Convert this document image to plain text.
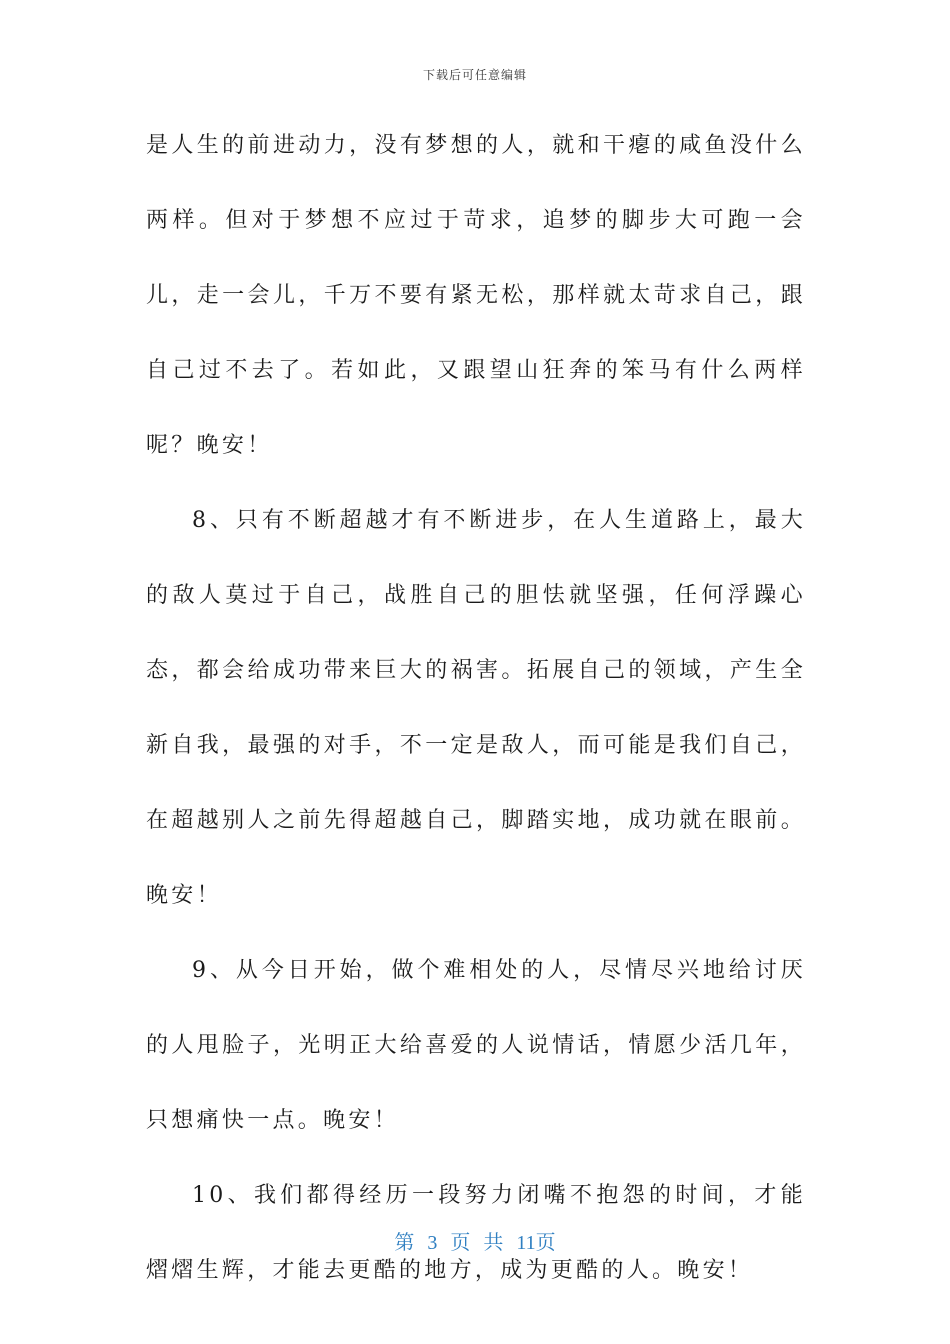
下载后可任意编辑

是人生的前进动力，没有梦想的人，就和干瘪的咸鱼没什么两样。但对于梦想不应过于苛求，追梦的脚步大可跑一会儿，走一会儿，千万不要有紧无松，那样就太苛求自己，跟自己过不去了。若如此，又跟望山狂奔的笨马有什么两样呢？晚安！

8、只有不断超越才有不断进步，在人生道路上，最大的敌人莫过于自己，战胜自己的胆怯就坚强，任何浮躁心态，都会给成功带来巨大的祸害。拓展自己的领域，产生全新自我，最强的对手，不一定是敌人，而可能是我们自己，在超越别人之前先得超越自己，脚踏实地，成功就在眼前。晚安！

9、从今日开始，做个难相处的人，尽情尽兴地给讨厌的人甩脸子，光明正大给喜爱的人说情话，情愿少活几年，只想痛快一点。晚安！

10、我们都得经历一段努力闭嘴不抱怨的时间，才能熠熠生辉，才能去更酷的地方，成为更酷的人。晚安！

第 3 页 共 11页
